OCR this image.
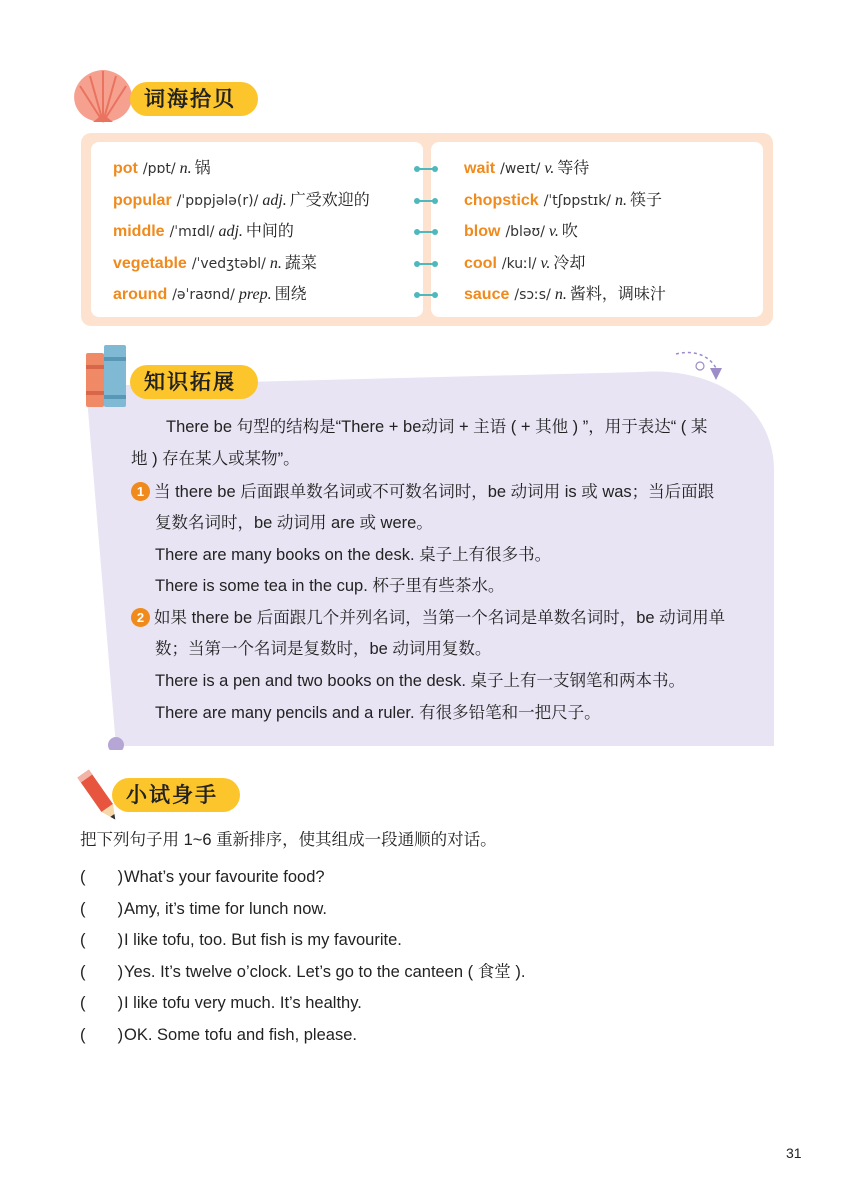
词海拾贝
pot /pɒt/ n. 锅
popular /ˈpɒpjələ(r)/ adj. 广受欢迎的
middle /ˈmɪdl/ adj. 中间的
vegetable /ˈvedʒtəbl/ n. 蔬菜
around /əˈraʊnd/ prep. 围绕
wait /weɪt/ v. 等待
chopstick /ˈtʃɒpstɪk/ n. 筷子
blow /bləʊ/ v. 吹
cool /kuːl/ v. 冷却
sauce /sɔːs/ n. 酱料，调味汁
知识拓展
There be 句型的结构是“There + be动词 + 主语 ( + 其他 ) ”，用于表达“ ( 某
地 ) 存在某人或某物”。
1 当 there be 后面跟单数名词或不可数名词时，be 动词用 is 或 was；当后面跟
复数名词时，be 动词用 are 或 were。
There are many books on the desk. 桌子上有很多书。
There is some tea in the cup. 杯子里有些茶水。
2 如果 there be 后面跟几个并列名词，当第一个名词是单数名词时，be 动词用单
数；当第一个名词是复数时，be 动词用复数。
There is a pen and two books on the desk. 桌子上有一支钢笔和两本书。
There are many pencils and a ruler. 有很多铅笔和一把尺子。
小试身手
把下列句子用 1~6 重新排序，使其组成一段通顺的对话。
( )What’s your favourite food?
( )Amy, it’s time for lunch now.
( )I like tofu, too. But fish is my favourite.
( )Yes. It’s twelve o’clock. Let’s go to the canteen ( 食堂 ).
( )I like tofu very much. It’s healthy.
( )OK. Some tofu and fish, please.
31
